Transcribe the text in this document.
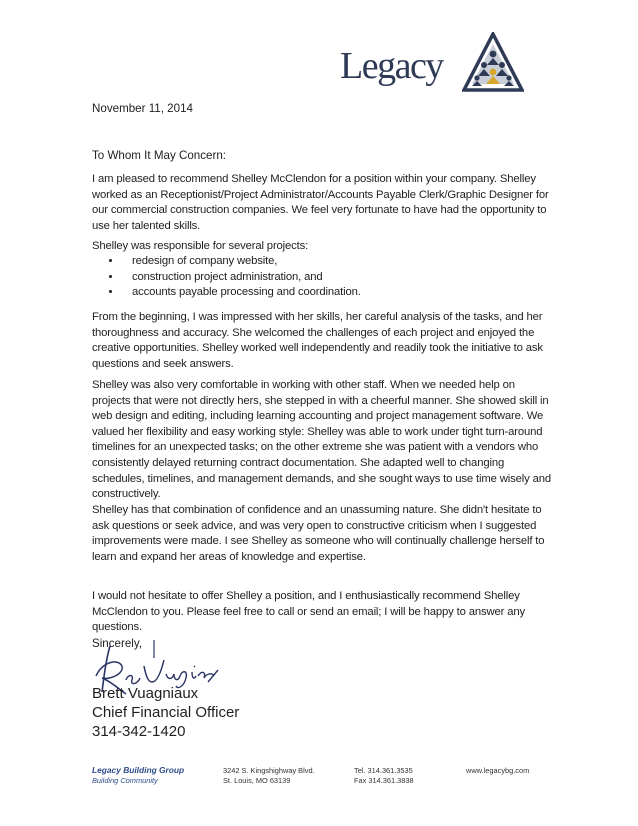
Legacy
November 11, 2014
To Whom It May Concern:

I am pleased to recommend Shelley McClendon for a position within your company. Shelley worked as an Receptionist/Project Administrator/Accounts Payable Clerk/Graphic Designer for our commercial construction companies. We feel very fortunate to have had the opportunity to use her talented skills.

Shelley was responsible for several projects:

• redesign of company website,
• construction project administration, and
• accounts payable processing and coordination.

From the beginning, I was impressed with her skills, her careful analysis of the tasks, and her thoroughness and accuracy. She welcomed the challenges of each project and enjoyed the creative opportunities. Shelley worked well independently and readily took the initiative to ask questions and seek answers.

Shelley was also very comfortable in working with other staff. When we needed help on projects that were not directly hers, she stepped in with a cheerful manner. She showed skill in web design and editing, including learning accounting and project management software. We valued her flexibility and easy working style: Shelley was able to work under tight turn-around timelines for an unexpected tasks; on the other extreme she was patient with a vendors who consistently delayed returning contract documentation. She adapted well to changing schedules, timelines, and management demands, and she sought ways to use time wisely and constructively.

Shelley has that combination of confidence and an unassuming nature. She didn't hesitate to ask questions or seek advice, and was very open to constructive criticism when I suggested improvements were made. I see Shelley as someone who will continually challenge herself to learn and expand her areas of knowledge and expertise.

I would not hesitate to offer Shelley a position, and I enthusiastically recommend Shelley McClendon to you. Please feel free to call or send an email; I will be happy to answer any questions.

Sincerely,
Brett Vuagniaux
Chief Financial Officer
314-342-1420
Legacy Building Group
Building Community
3242 S. Kingshighway Blvd.
St. Louis, MO 63139
Tel. 314.361.3535
Fax 314.361.3838
www.legacybg.com
